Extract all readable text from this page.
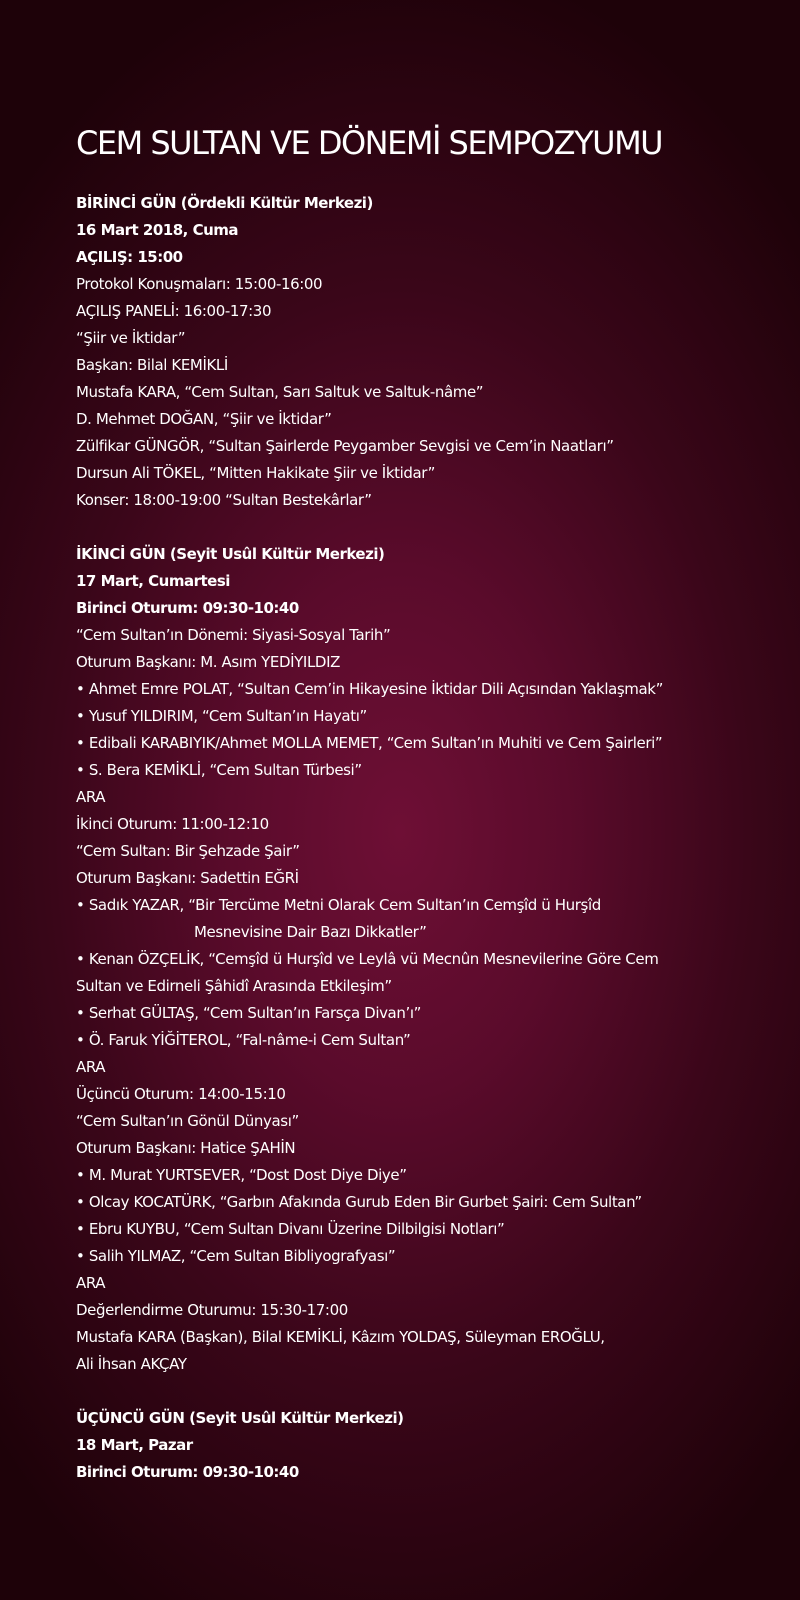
CEM SULTAN VE DÖNEMİ SEMPOZYUMU
BİRİNCİ GÜN (Ördekli Kültür Merkezi)
16 Mart 2018, Cuma
AÇILIŞ: 15:00
Protokol Konuşmaları: 15:00-16:00
AÇILIŞ PANELİ: 16:00-17:30
“Şiir ve İktidar”
Başkan: Bilal KEMİKLİ
Mustafa KARA, “Cem Sultan, Sarı Saltuk ve Saltuk-nâme”
D. Mehmet DOĞAN, “Şiir ve İktidar”
Zülfikar GÜNGÖR, “Sultan Şairlerde Peygamber Sevgisi ve Cem’in Naatları”
Dursun Ali TÖKEL, “Mitten Hakikate Şiir ve İktidar”
Konser: 18:00-19:00 “Sultan Bestekârlar”
İKİNCİ GÜN (Seyit Usûl Kültür Merkezi)
17 Mart, Cumartesi
Birinci Oturum: 09:30-10:40
“Cem Sultan’ın Dönemi: Siyasi-Sosyal Tarih”
Oturum Başkanı: M. Asım YEDİYILDIZ
• Ahmet Emre POLAT, “Sultan Cem’in Hikayesine İktidar Dili Açısından Yaklaşmak”
• Yusuf YILDIRIM, “Cem Sultan’ın Hayatı”
• Edibali KARABIYIK/Ahmet MOLLA MEMET, “Cem Sultan’ın Muhiti ve Cem Şairleri”
• S. Bera KEMİKLİ, “Cem Sultan Türbesi”
ARA
İkinci Oturum: 11:00-12:10
“Cem Sultan: Bir Şehzade Şair”
Oturum Başkanı: Sadettin EĞRİ
• Sadık YAZAR, “Bir Tercüme Metni Olarak Cem Sultan’ın Cemşîd ü Hurşîd
Mesnevisine Dair Bazı Dikkatler”
• Kenan ÖZÇELİK, “Cemşîd ü Hurşîd ve Leylâ vü Mecnûn Mesnevilerine Göre Cem
Sultan ve Edirneli Şâhidî Arasında Etkileşim”
• Serhat GÜLTAŞ, “Cem Sultan’ın Farsça Divan’ı”
• Ö. Faruk YİĞİTEROL, “Fal-nâme-i Cem Sultan”
ARA
Üçüncü Oturum: 14:00-15:10
“Cem Sultan’ın Gönül Dünyası”
Oturum Başkanı: Hatice ŞAHİN
• M. Murat YURTSEVER, “Dost Dost Diye Diye”
• Olcay KOCATÜRK, “Garbın Afakında Gurub Eden Bir Gurbet Şairi: Cem Sultan”
• Ebru KUYBU, “Cem Sultan Divanı Üzerine Dilbilgisi Notları”
• Salih YILMAZ, “Cem Sultan Bibliyografyası”
ARA
Değerlendirme Oturumu: 15:30-17:00
Mustafa KARA (Başkan), Bilal KEMİKLİ, Kâzım YOLDAŞ, Süleyman EROĞLU,
Ali İhsan AKÇAY
ÜÇÜNCÜ GÜN (Seyit Usûl Kültür Merkezi)
18 Mart, Pazar
Birinci Oturum: 09:30-10:40
